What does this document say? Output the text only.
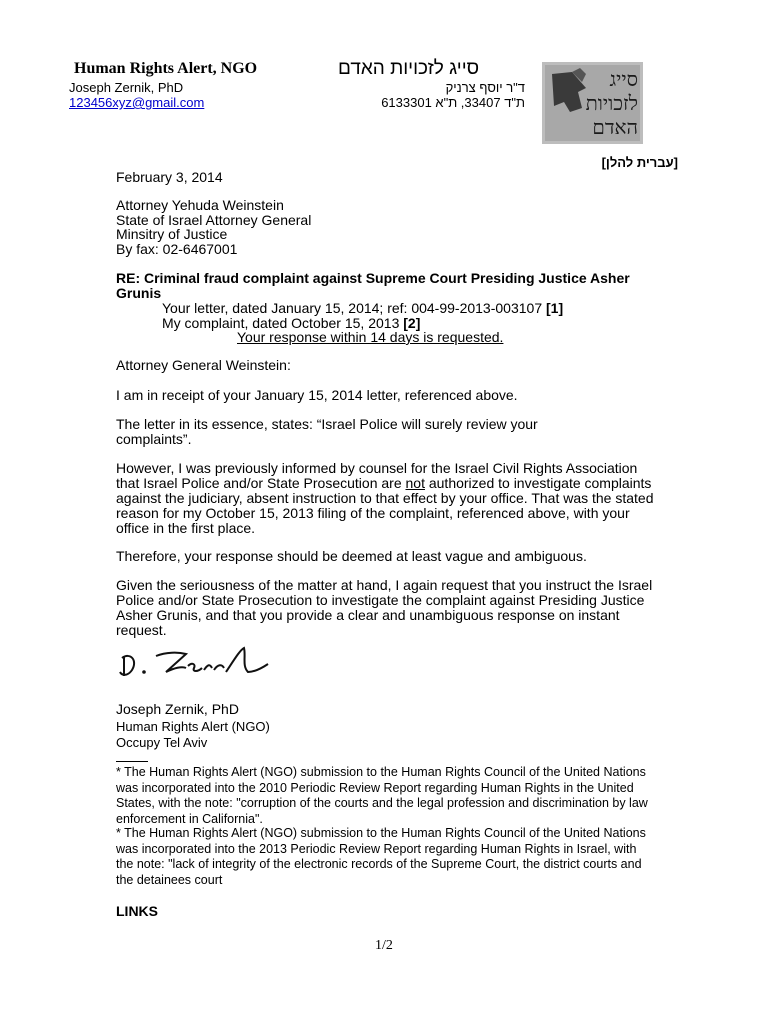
Human Rights Alert, NGO
Joseph Zernik, PhD
123456xyz@gmail.com
סייג לזכויות האדם
ד"ר יוסף צרניק
ת"ד 33407, ת"א 6133301
סייג
לזכויות
האדם
[עברית להלן]
February 3, 2014
Attorney Yehuda Weinstein
State of Israel Attorney General
Minsitry of Justice
By fax: 02-6467001
RE: Criminal fraud complaint against Supreme Court Presiding Justice Asher Grunis
Your letter, dated January 15, 2014; ref: 004-99-2013-003107 [1]
My complaint, dated October 15, 2013 [2]
Your response within 14 days is requested.
Attorney General Weinstein:
I am in receipt of your January 15, 2014 letter, referenced above.
The letter in its essence, states: “Israel Police will surely review your complaints”.
However, I was previously informed by counsel for the Israel Civil Rights Association that Israel Police and/or State Prosecution are not authorized to investigate complaints against the judiciary, absent instruction to that effect by your office. That was the stated reason for my October 15, 2013 filing of the complaint, referenced above, with your office in the first place.
Therefore, your response should be deemed at least vague and ambiguous.
Given the seriousness of the matter at hand, I again request that you instruct the Israel Police and/or State Prosecution to investigate the complaint against Presiding Justice Asher Grunis, and that you provide a clear and unambiguous response on instant request.
Joseph Zernik, PhD
Human Rights Alert (NGO)
Occupy Tel Aviv
* The Human Rights Alert (NGO) submission to the Human Rights Council of the United Nations was incorporated into the 2010 Periodic Review Report regarding Human Rights in the United States, with the note: "corruption of the courts and the legal profession and discrimination by law enforcement in California".
* The Human Rights Alert (NGO) submission to the Human Rights Council of the United Nations was incorporated into the 2013 Periodic Review Report regarding Human Rights in Israel, with the note: "lack of integrity of the electronic records of the Supreme Court, the district courts and the detainees court
LINKS
1/2
